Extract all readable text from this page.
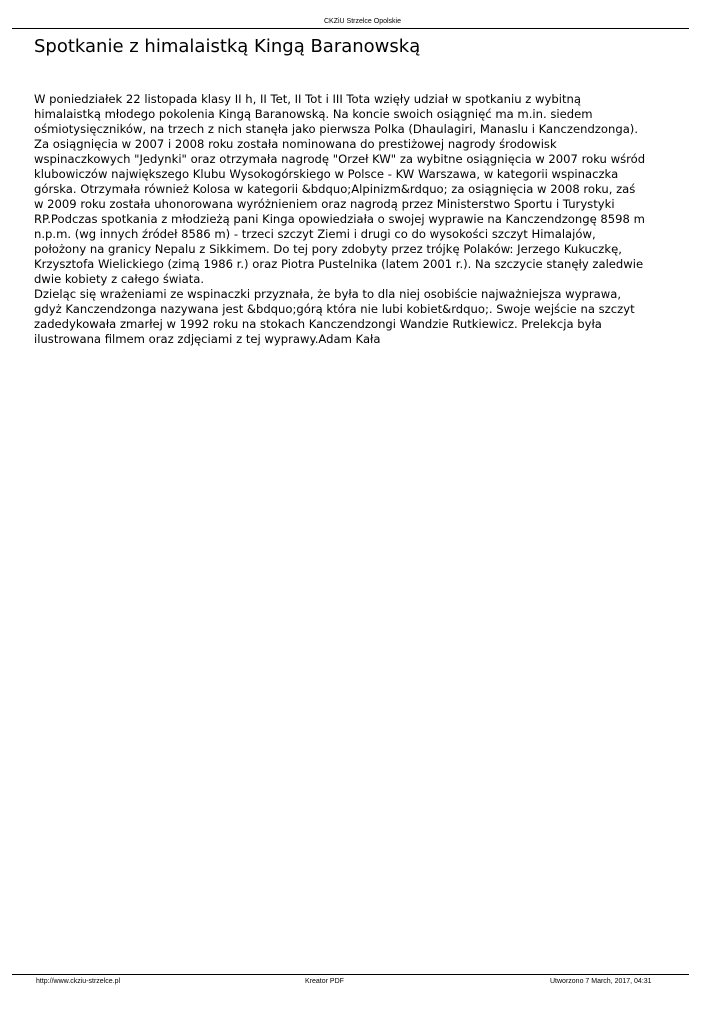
CKZiU Strzelce Opolskie
Spotkanie z himalaistką Kingą Baranowską
W poniedziałek 22 listopada klasy II h, II Tet, II Tot i III Tota wzięły udział w spotkaniu z wybitną
himalaistką młodego pokolenia Kingą Baranowską. Na koncie swoich osiągnięć ma m.in. siedem
ośmiotysięczników, na trzech z nich stanęła jako pierwsza Polka (Dhaulagiri, Manaslu i Kanczendzonga).
Za osiągnięcia w 2007 i 2008 roku została nominowana do prestiżowej nagrody środowisk
wspinaczkowych "Jedynki" oraz otrzymała nagrodę "Orzeł KW" za wybitne osiągnięcia w 2007 roku wśród
klubowiczów największego Klubu Wysokogórskiego w Polsce - KW Warszawa, w kategorii wspinaczka
górska. Otrzymała również Kolosa w kategorii &bdquo;Alpinizm&rdquo; za osiągnięcia w 2008 roku, zaś
w 2009 roku została uhonorowana wyróżnieniem oraz nagrodą przez Ministerstwo Sportu i Turystyki
RP.Podczas spotkania z młodzieżą pani Kinga opowiedziała o swojej wyprawie na Kanczendzongę 8598 m
n.p.m. (wg innych źródeł 8586 m) - trzeci szczyt Ziemi i drugi co do wysokości szczyt Himalajów,
położony na granicy Nepalu z Sikkimem. Do tej pory zdobyty przez trójkę Polaków: Jerzego Kukuczkę,
Krzysztofa Wielickiego (zimą 1986 r.) oraz Piotra Pustelnika (latem 2001 r.). Na szczycie stanęły zaledwie
dwie kobiety z całego świata.
Dzieląc się wrażeniami ze wspinaczki przyznała, że była to dla niej osobiście najważniejsza wyprawa,
gdyż Kanczendzonga nazywana jest &bdquo;górą która nie lubi kobiet&rdquo;. Swoje wejście na szczyt
zadedykowała zmarłej w 1992 roku na stokach Kanczendzongi Wandzie Rutkiewicz. Prelekcja była
ilustrowana filmem oraz zdjęciami z tej wyprawy.Adam Kała
http://www.ckziu-strzelce.pl	Kreator PDF	Utworzono 7 March, 2017, 04:31
